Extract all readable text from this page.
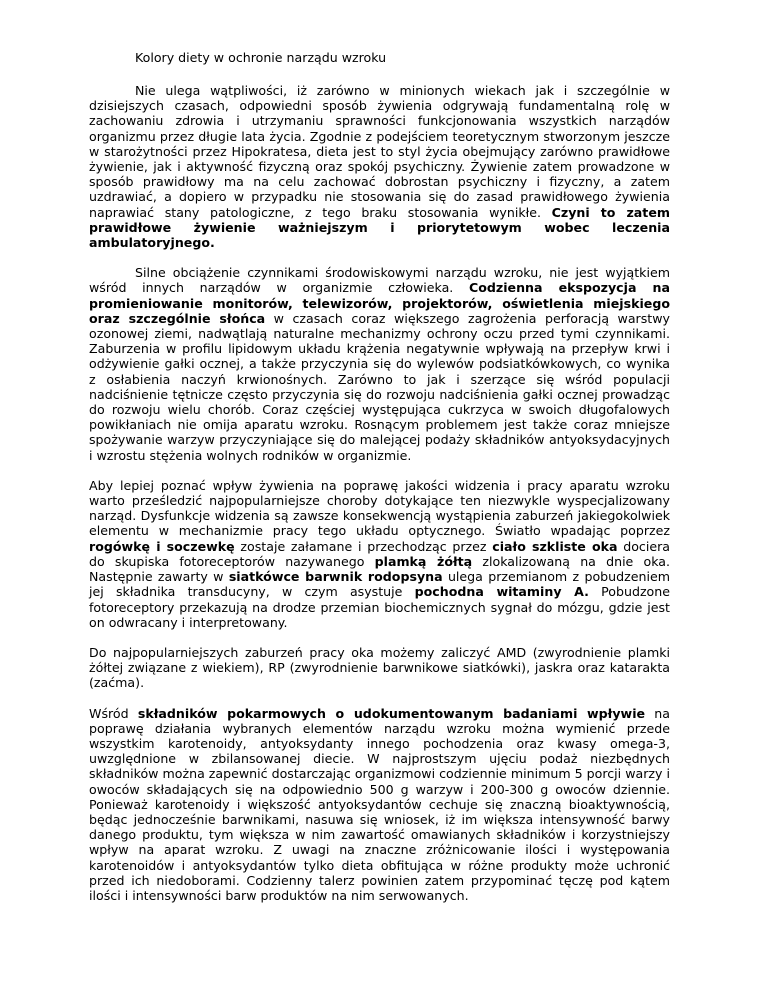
Kolory diety w ochronie narządu wzroku

Nie ulega wątpliwości, iż zarówno w minionych wiekach jak i szczególnie w dzisiejszych czasach, odpowiedni sposób żywienia odgrywają fundamentalną rolę w zachowaniu zdrowia i utrzymaniu sprawności funkcjonowania wszystkich narządów organizmu przez długie lata życia. Zgodnie z podejściem teoretycznym stworzonym jeszcze w starożytności przez Hipokratesa, dieta jest to styl życia obejmujący zarówno prawidłowe żywienie, jak i aktywność fizyczną oraz spokój psychiczny. Żywienie zatem prowadzone w sposób prawidłowy ma na celu zachować dobrostan psychiczny i fizyczny, a zatem uzdrawiać, a dopiero w przypadku nie stosowania się do zasad prawidłowego żywienia naprawiać stany patologiczne, z tego braku stosowania wynikłe. Czyni to zatem prawidłowe żywienie ważniejszym i priorytetowym wobec leczenia ambulatoryjnego.

Silne obciążenie czynnikami środowiskowymi narządu wzroku, nie jest wyjątkiem wśród innych narządów w organizmie człowieka. Codzienna ekspozycja na promieniowanie monitorów, telewizorów, projektorów, oświetlenia miejskiego oraz szczególnie słońca w czasach coraz większego zagrożenia perforacją warstwy ozonowej ziemi, nadwątlają naturalne mechanizmy ochrony oczu przed tymi czynnikami. Zaburzenia w profilu lipidowym układu krążenia negatywnie wpływają na przepływ krwi i odżywienie gałki ocznej, a także przyczynia się do wylewów podsiatkówkowych, co wynika z osłabienia naczyń krwionośnych. Zarówno to jak i szerzące się wśród populacji nadciśnienie tętnicze często przyczynia się do rozwoju nadciśnienia gałki ocznej prowadząc do rozwoju wielu chorób. Coraz częściej występująca cukrzyca w swoich długofalowych powikłaniach nie omija aparatu wzroku. Rosnącym problemem jest także coraz mniejsze spożywanie warzyw przyczyniające się do malejącej podaży składników antyoksydacyjnych i wzrostu stężenia wolnych rodników w organizmie.

Aby lepiej poznać wpływ żywienia na poprawę jakości widzenia i pracy aparatu wzroku warto prześledzić najpopularniejsze choroby dotykające ten niezwykle wyspecjalizowany narząd. Dysfunkcje widzenia są zawsze konsekwencją wystąpienia zaburzeń jakiegokolwiek elementu w mechanizmie pracy tego układu optycznego. Światło wpadając poprzez rogówkę i soczewkę zostaje załamane i przechodząc przez ciało szkliste oka dociera do skupiska fotoreceptorów nazywanego plamką żółtą zlokalizowaną na dnie oka. Następnie zawarty w siatkówce barwnik rodopsyna ulega przemianom z pobudzeniem jej składnika transducyny, w czym asystuje pochodna witaminy A. Pobudzone fotoreceptory przekazują na drodze przemian biochemicznych sygnał do mózgu, gdzie jest on odwracany i interpretowany.

Do najpopularniejszych zaburzeń pracy oka możemy zaliczyć AMD (zwyrodnienie plamki żółtej związane z wiekiem), RP (zwyrodnienie barwnikowe siatkówki), jaskra oraz katarakta (zaćma).

Wśród składników pokarmowych o udokumentowanym badaniami wpływie na poprawę działania wybranych elementów narządu wzroku można wymienić przede wszystkim karotenoidy, antyoksydanty innego pochodzenia oraz kwasy omega-3, uwzględnione w zbilansowanej diecie. W najprostszym ujęciu podaż niezbędnych składników można zapewnić dostarczając organizmowi codziennie minimum 5 porcji warzy i owoców składających się na odpowiednio 500 g warzyw i 200-300 g owoców dziennie. Ponieważ karotenoidy i większość antyoksydantów cechuje się znaczną bioaktywnością, będąc jednocześnie barwnikami, nasuwa się wniosek, iż im większa intensywność barwy danego produktu, tym większa w nim zawartość omawianych składników i korzystniejszy wpływ na aparat wzroku. Z uwagi na znaczne zróżnicowanie ilości i występowania karotenoidów i antyoksydantów tylko dieta obfitująca w różne produkty może uchronić przed ich niedoborami. Codzienny talerz powinien zatem przypominać tęczę pod kątem ilości i intensywności barw produktów na nim serwowanych.
